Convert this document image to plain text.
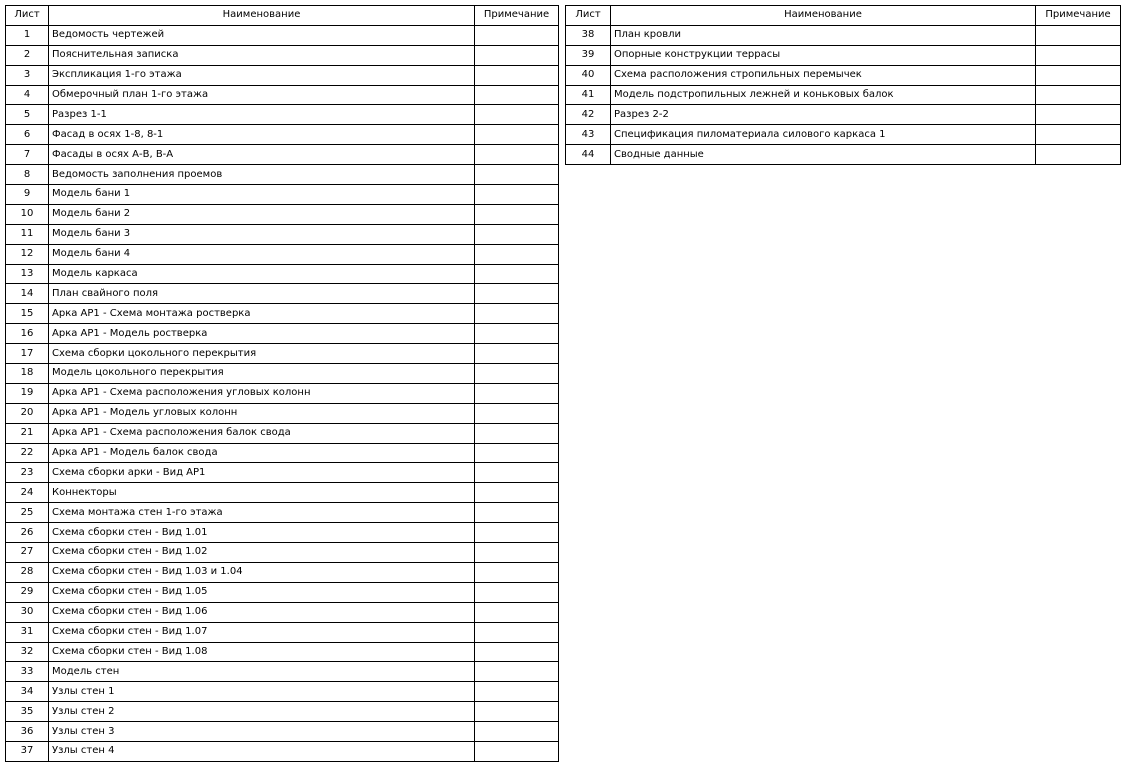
Лист	Наименование	Примечание
1	Ведомость чертежей	
2	Пояснительная записка	
3	Экспликация 1-го этажа	
4	Обмерочный план 1-го этажа	
5	Разрез 1-1	
6	Фасад в осях 1-8, 8-1	
7	Фасады в осях А-В, В-А	
8	Ведомость заполнения проемов	
9	Модель бани 1	
10	Модель бани 2	
11	Модель бани 3	
12	Модель бани 4	
13	Модель каркаса	
14	План свайного поля	
15	Арка АР1 - Схема монтажа ростверка	
16	Арка АР1 - Модель ростверка	
17	Схема сборки цокольного перекрытия	
18	Модель цокольного перекрытия	
19	Арка АР1 - Схема расположения угловых колонн	
20	Арка АР1 - Модель угловых колонн	
21	Арка АР1 - Схема расположения балок свода	
22	Арка АР1 - Модель балок свода	
23	Схема сборки арки - Вид АР1	
24	Коннекторы	
25	Схема монтажа стен 1-го этажа	
26	Схема сборки стен - Вид 1.01	
27	Схема сборки стен - Вид 1.02	
28	Схема сборки стен - Вид 1.03 и 1.04	
29	Схема сборки стен - Вид 1.05	
30	Схема сборки стен - Вид 1.06	
31	Схема сборки стен - Вид 1.07	
32	Схема сборки стен - Вид 1.08	
33	Модель стен	
34	Узлы стен 1	
35	Узлы стен 2	
36	Узлы стен 3	
37	Узлы стен 4	
Лист	Наименование	Примечание
38	План кровли	
39	Опорные конструкции террасы	
40	Схема расположения стропильных перемычек	
41	Модель подстропильных лежней и коньковых балок	
42	Разрез 2-2	
43	Спецификация пиломатериала силового каркаса 1	
44	Сводные данные	
